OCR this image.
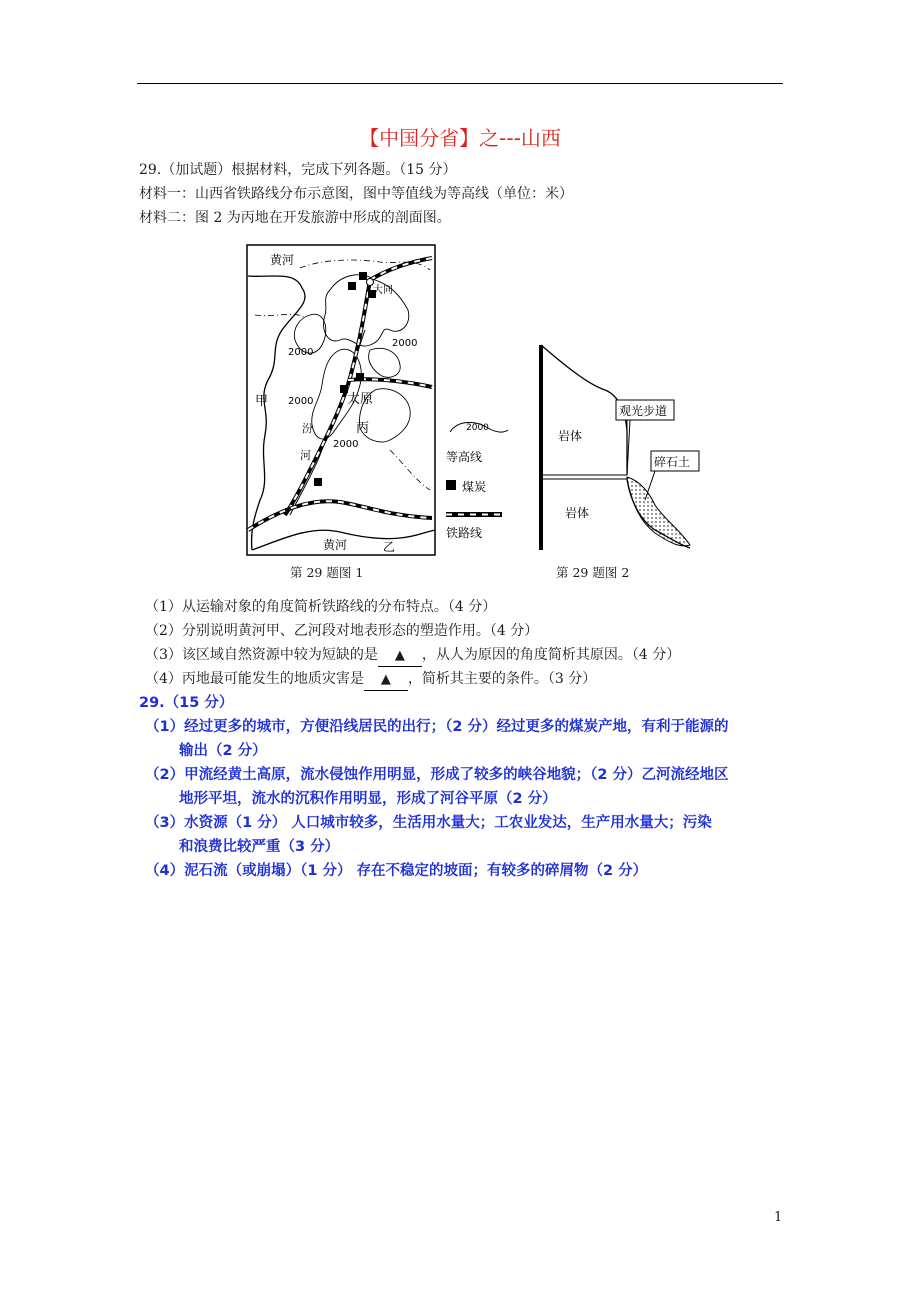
【中国分省】之---山西
29.（加试题）根据材料，完成下列各题。（15 分）
材料一：山西省铁路线分布示意图，图中等值线为等高线（单位：米）
材料二：图 2 为丙地在开发旅游中形成的剖面图。
黄河
大同
2000
2000
2000
2000
甲	太原
丙
汾
河
黄河	乙
2000
等高线
煤炭
铁路线
第 29 题图 1
岩体
岩体
观光步道
碎石土
第 29 题图 2
（1）从运输对象的角度简析铁路线的分布特点。（4 分）
（2）分别说明黄河甲、乙河段对地表形态的塑造作用。（4 分）
（3）该区域自然资源中较为短缺的是 ▲ ，从人为原因的角度简析其原因。（4 分）
（4）丙地最可能发生的地质灾害是 ▲ ，简析其主要的条件。（3 分）
29.（15 分）
（1）经过更多的城市，方便沿线居民的出行；（2 分）经过更多的煤炭产地，有利于能源的
输出（2 分）
（2）甲流经黄土高原，流水侵蚀作用明显，形成了较多的峡谷地貌；（2 分）乙河流经地区
地形平坦，流水的沉积作用明显，形成了河谷平原（2 分）
（3）水资源（1 分） 人口城市较多，生活用水量大；工农业发达，生产用水量大；污染
和浪费比较严重（3 分）
（4）泥石流（或崩塌）（1 分） 存在不稳定的坡面；有较多的碎屑物（2 分）
1
